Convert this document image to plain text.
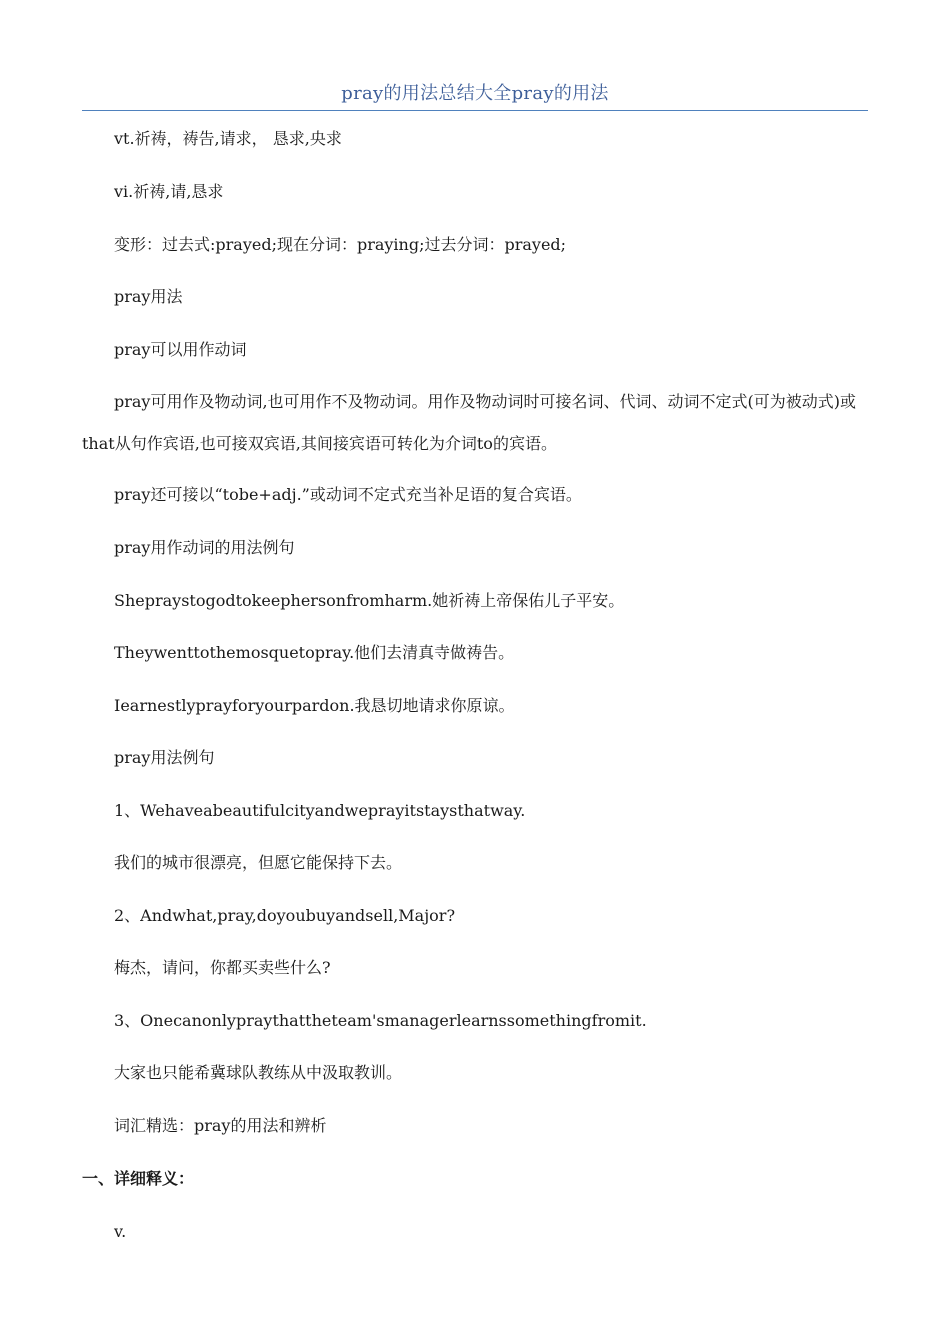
pray的用法总结大全pray的用法
vt.祈祷，祷告,请求， 恳求,央求
vi.祈祷,请,恳求
变形：过去式:prayed;现在分词：praying;过去分词：prayed;
pray用法
pray可以用作动词
pray可用作及物动词,也可用作不及物动词。用作及物动词时可接名词、代词、动词不定式(可为被动式)或that从句作宾语,也可接双宾语,其间接宾语可转化为介词to的宾语。
pray还可接以“tobe+adj.”或动词不定式充当补足语的复合宾语。
pray用作动词的用法例句
Shepraystogodtokeephersonfromharm.她祈祷上帝保佑儿子平安。
Theywenttothemosquetopray.他们去清真寺做祷告。
Iearnestlyprayforyourpardon.我恳切地请求你原谅。
pray用法例句
1、Wehaveabeautifulcityandweprayitstaysthatway.
我们的城市很漂亮，但愿它能保持下去。
2、Andwhat,pray,doyoubuyandsell,Major?
梅杰，请问，你都买卖些什么?
3、Onecanonlypraythattheteam'smanagerlearnssomethingfromit.
大家也只能希冀球队教练从中汲取教训。
词汇精选：pray的用法和辨析
一、详细释义：
v.
